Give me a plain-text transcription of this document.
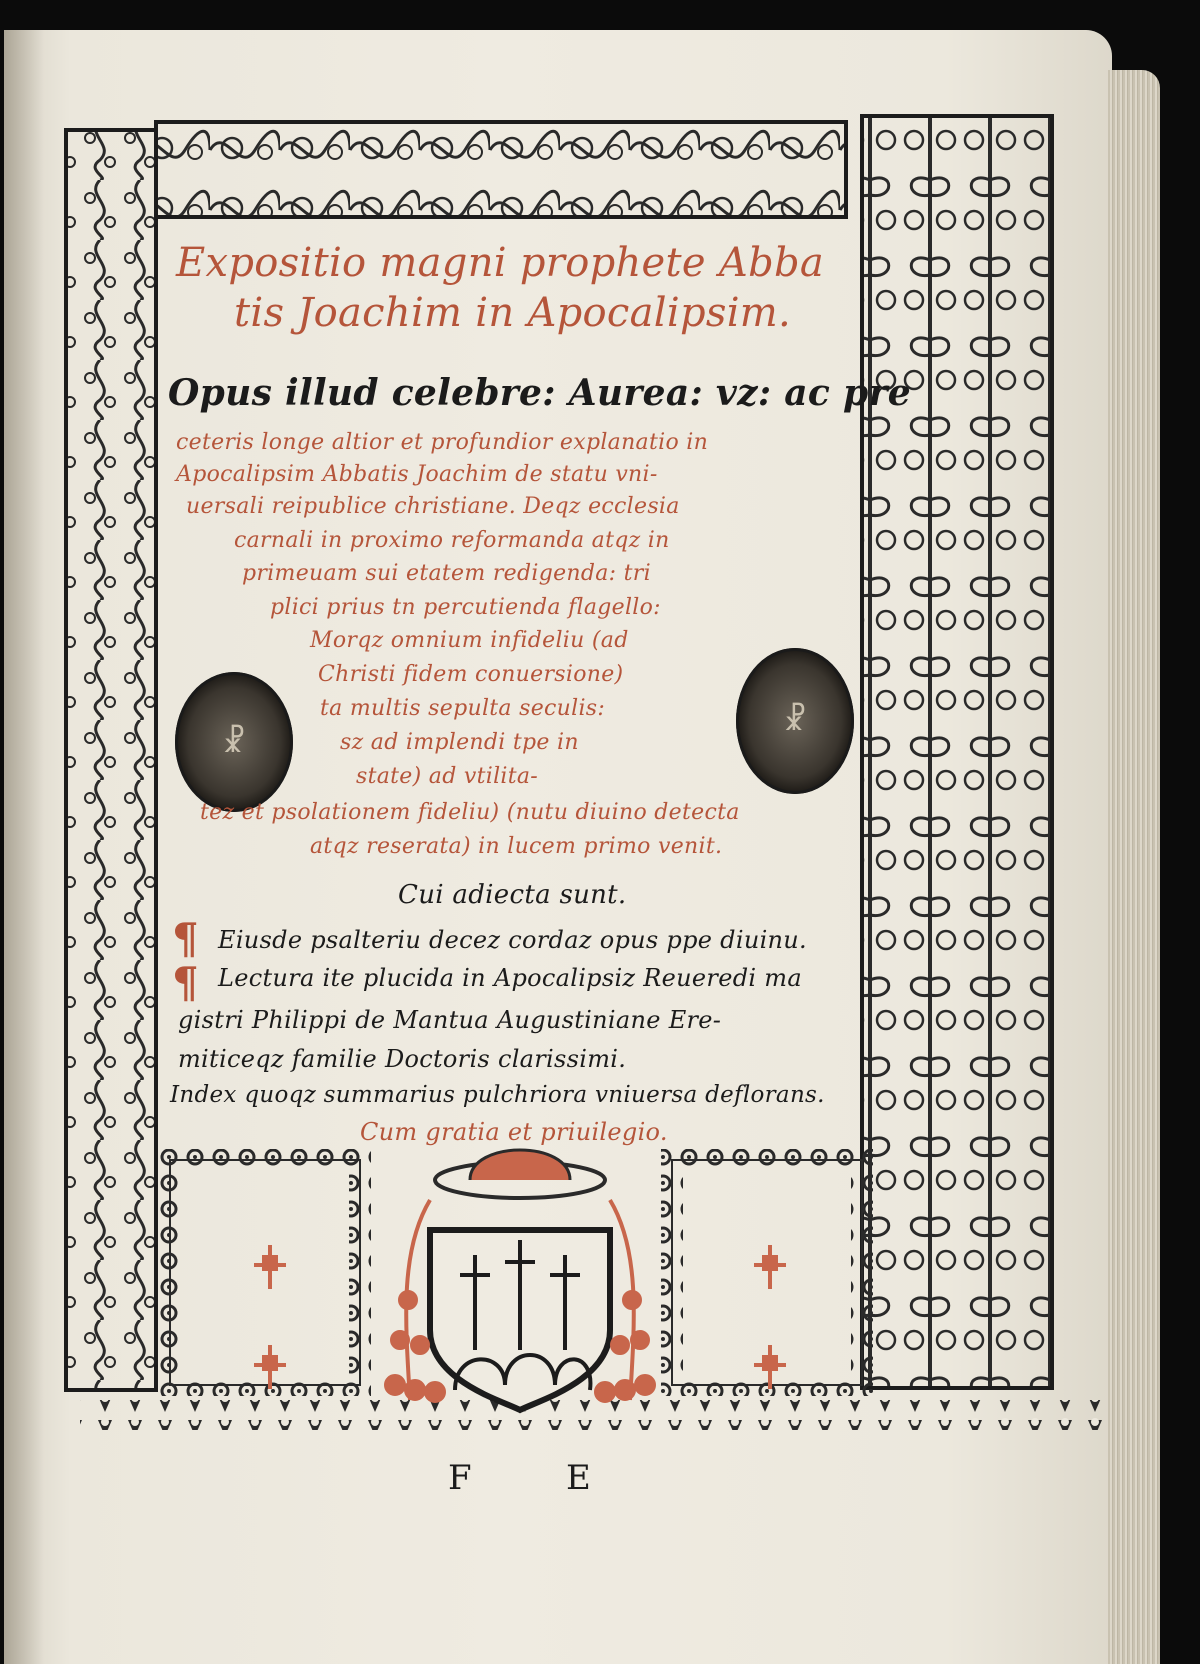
☧
☧
Expositio magni prophete Abba
tis Joachim in Apocalipsim.
Opus illud celebre: Aurea: vz: ac pre
ceteris longe altior et profundior explanatio in
Apocalipsim Abbatis Joachim de statu vni-
uersali reipublice christiane. Deqz ecclesia
carnali in proximo reformanda atqz in
primeuam sui etatem redigenda: tri
plici prius tn percutienda flagello:
Morqz omnium infideliu (ad
Christi fidem conuersione)
ta multis sepulta seculis:
sz ad implendi tpe in
state) ad vtilita-
tez et psolationem fideliu) (nutu diuino detecta
atqz reserata) in lucem primo venit.
Cui adiecta sunt.
¶
¶
Eiusde psalteriu decez cordaz opus ppe diuinu.
Lectura ite plucida in Apocalipsiz Reueredi ma
gistri Philippi de Mantua Augustiniane Ere-
miticeqz familie Doctoris clarissimi.
Index quoqz summarius pulchriora vniuersa deflorans.
Cum gratia et priuilegio.
F	E
